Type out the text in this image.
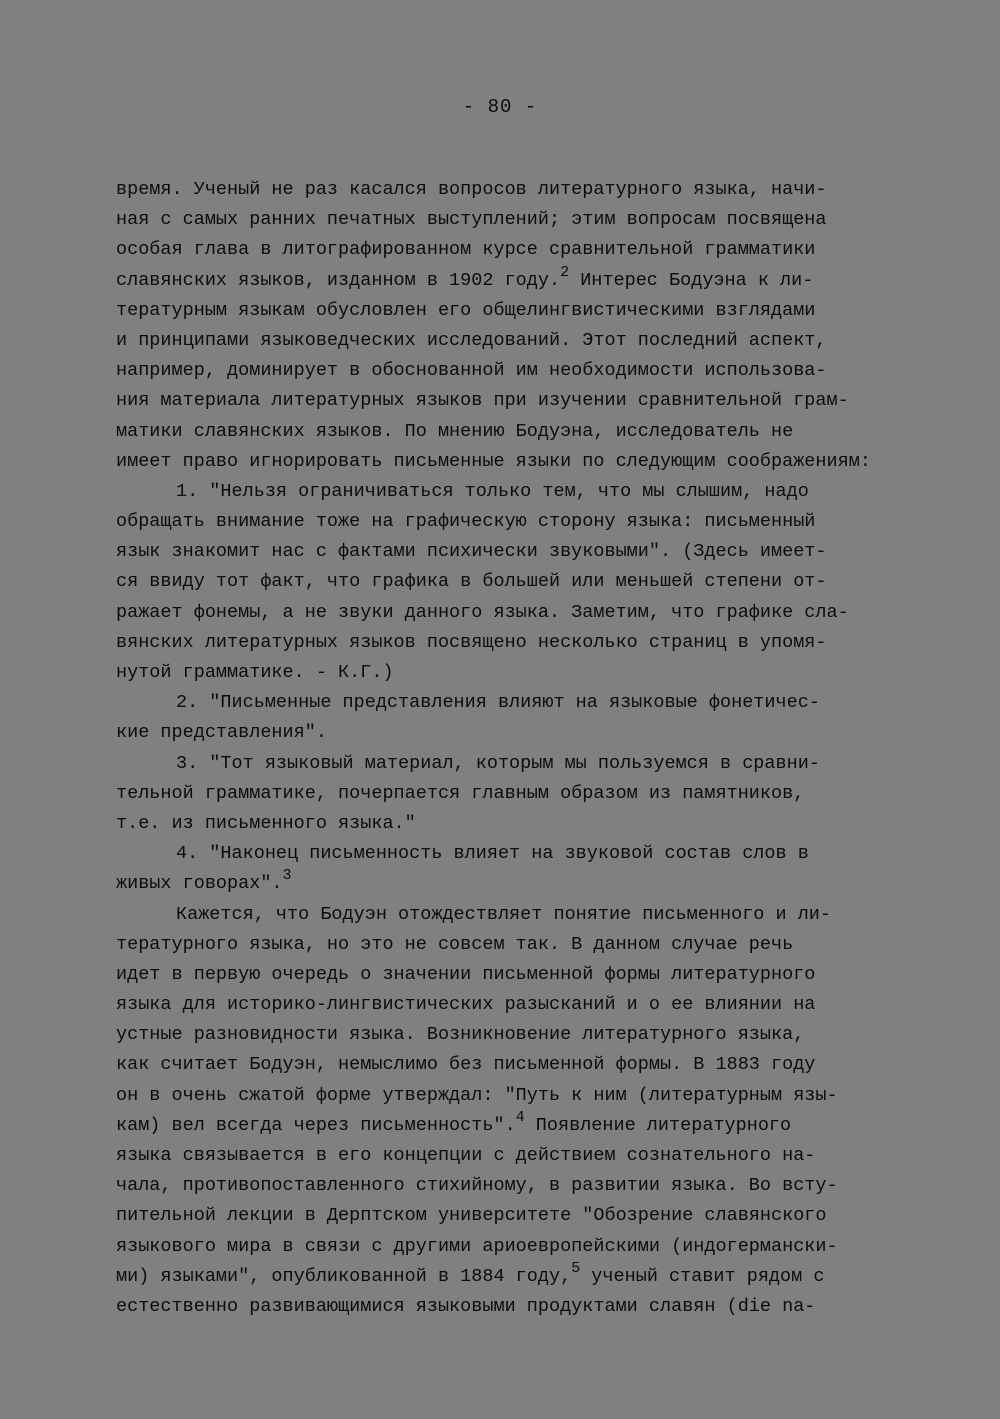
- 80 -
время. Ученый не раз касался вопросов литературного языка, начи-
ная с самых ранних печатных выступлений; этим вопросам посвящена
особая глава в литографированном курсе сравнительной грамматики
славянских языков, изданном в 1902 году.$^2$ Интерес Бодуэна к ли-
тературным языкам обусловлен его общелингвистическими взглядами
и принципами языковедческих исследований. Этот последний аспект,
например, доминирует в обоснованной им необходимости использова-
ния материала литературных языков при изучении сравнительной грам-
матики славянских языков. По мнению Бодуэна, исследователь не
имеет право игнорировать письменные языки по следующим соображениям:
1. "Нельзя ограничиваться только тем, что мы слышим, надо
обращать внимание тоже на графическую сторону языка: письменный
язык знакомит нас с фактами психически звуковыми". (Здесь имеет-
ся ввиду тот факт, что графика в большей или меньшей степени от-
ражает фонемы, а не звуки данного языка. Заметим, что графике сла-
вянских литературных языков посвящено несколько страниц в упомя-
нутой грамматике. - К.Г.)
2. "Письменные представления влияют на языковые фонетичес-
кие представления".
3. "Тот языковый материал, которым мы пользуемся в сравни-
тельной грамматике, почерпается главным образом из памятников,
т.е. из письменного языка."
4. "Наконец письменность влияет на звуковой состав слов в
живых говорах".$^3$
Кажется, что Бодуэн отождествляет понятие письменного и ли-
тературного языка, но это не совсем так. В данном случае речь
идет в первую очередь о значении письменной формы литературного
языка для историко-лингвистических разысканий и о ее влиянии на
устные разновидности языка. Возникновение литературного языка,
как считает Бодуэн, немыслимо без письменной формы. В 1883 году
он в очень сжатой форме утверждал: "Путь к ним (литературным язы-
кам) вел всегда через письменность".$^4$ Появление литературного
языка связывается в его концепции с действием сознательного на-
чала, противопоставленного стихийному, в развитии языка. Во всту-
пительной лекции в Дерптском университете "Обозрение славянского
языкового мира в связи с другими ариоевропейскими (индогермански-
ми) языками", опубликованной в 1884 году,$^5$ ученый ставит рядом с
естественно развивающимися языковыми продуктами славян (die na-
